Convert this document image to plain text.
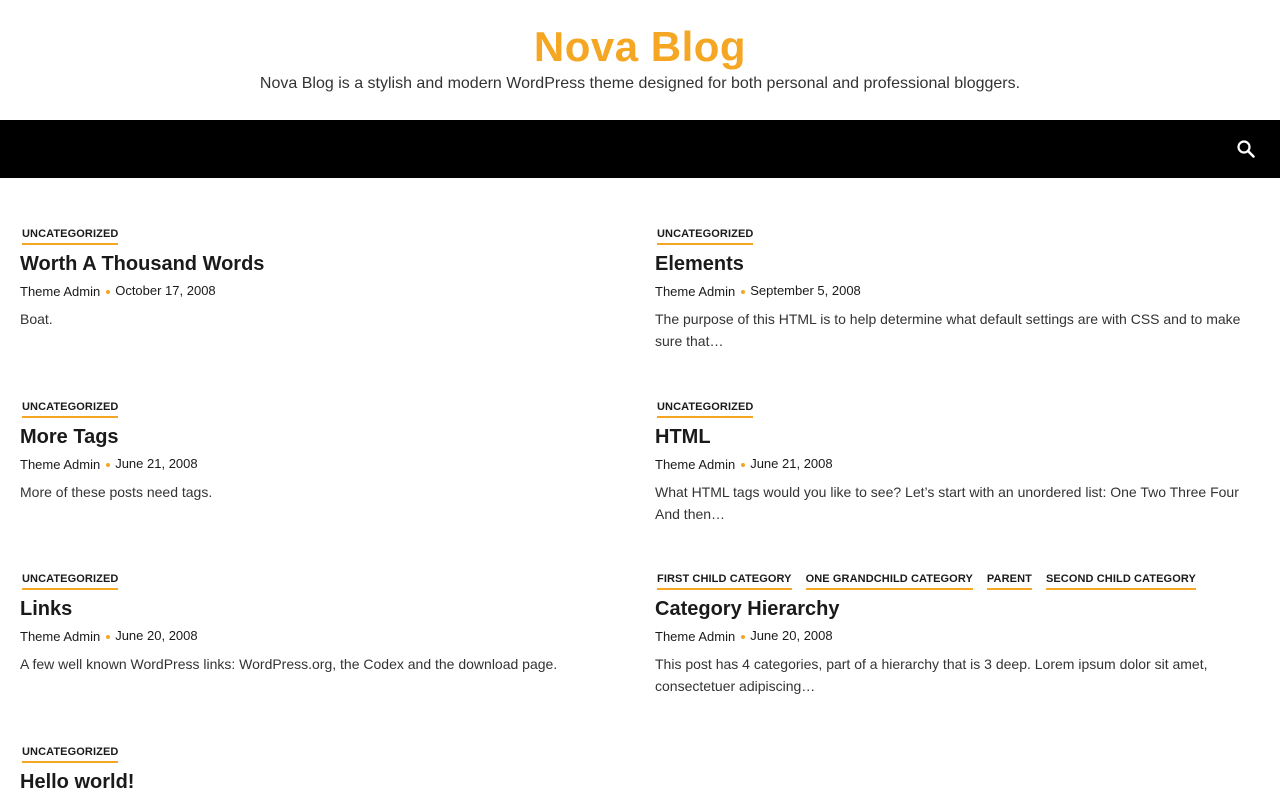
Nova Blog
Nova Blog is a stylish and modern WordPress theme designed for both personal and professional bloggers.
UNCATEGORIZED
Worth A Thousand Words
Theme Admin October 17, 2008
Boat.
UNCATEGORIZED
Elements
Theme Admin September 5, 2008
The purpose of this HTML is to help determine what default settings are with CSS and to make sure that…
UNCATEGORIZED
More Tags
Theme Admin June 21, 2008
More of these posts need tags.
UNCATEGORIZED
HTML
Theme Admin June 21, 2008
What HTML tags would you like to see? Let’s start with an unordered list: One Two Three Four And then…
UNCATEGORIZED
Links
Theme Admin June 20, 2008
A few well known WordPress links: WordPress.org, the Codex and the download page.
FIRST CHILD CATEGORY ONE GRANDCHILD CATEGORY PARENT SECOND CHILD CATEGORY
Category Hierarchy
Theme Admin June 20, 2008
This post has 4 categories, part of a hierarchy that is 3 deep. Lorem ipsum dolor sit amet, consectetuer adipiscing…
UNCATEGORIZED
Hello world!
